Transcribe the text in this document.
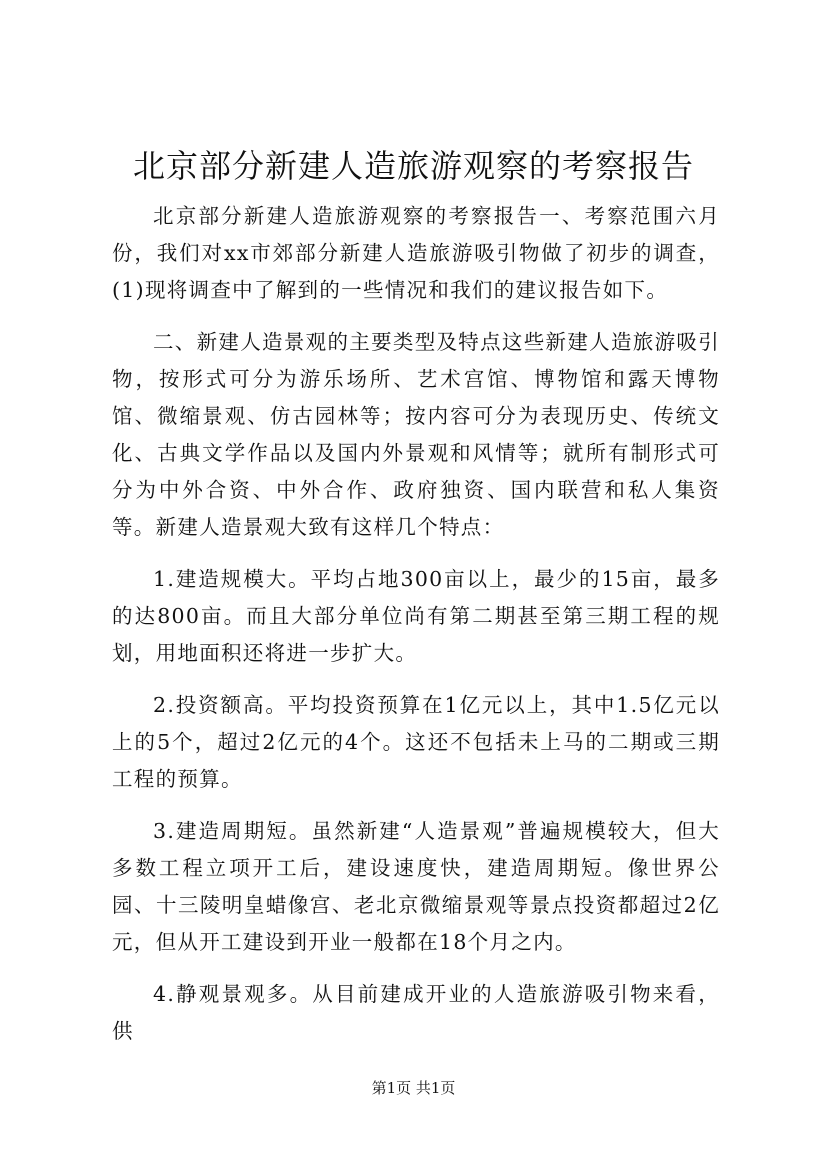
北京部分新建人造旅游观察的考察报告

北京部分新建人造旅游观察的考察报告一、考察范围六月份，我们对xx市郊部分新建人造旅游吸引物做了初步的调查，(1)现将调查中了解到的一些情况和我们的建议报告如下。

二、新建人造景观的主要类型及特点这些新建人造旅游吸引物，按形式可分为游乐场所、艺术宫馆、博物馆和露天博物馆、微缩景观、仿古园林等；按内容可分为表现历史、传统文化、古典文学作品以及国内外景观和风情等；就所有制形式可分为中外合资、中外合作、政府独资、国内联营和私人集资等。新建人造景观大致有这样几个特点：

1.建造规模大。平均占地300亩以上，最少的15亩，最多的达800亩。而且大部分单位尚有第二期甚至第三期工程的规划，用地面积还将进一步扩大。

2.投资额高。平均投资预算在1亿元以上，其中1.5亿元以上的5个，超过2亿元的4个。这还不包括未上马的二期或三期工程的预算。

3.建造周期短。虽然新建“人造景观”普遍规模较大，但大多数工程立项开工后，建设速度快，建造周期短。像世界公园、十三陵明皇蜡像宫、老北京微缩景观等景点投资都超过2亿元，但从开工建设到开业一般都在18个月之内。

4.静观景观多。从目前建成开业的人造旅游吸引物来看，供

第1页 共1页
